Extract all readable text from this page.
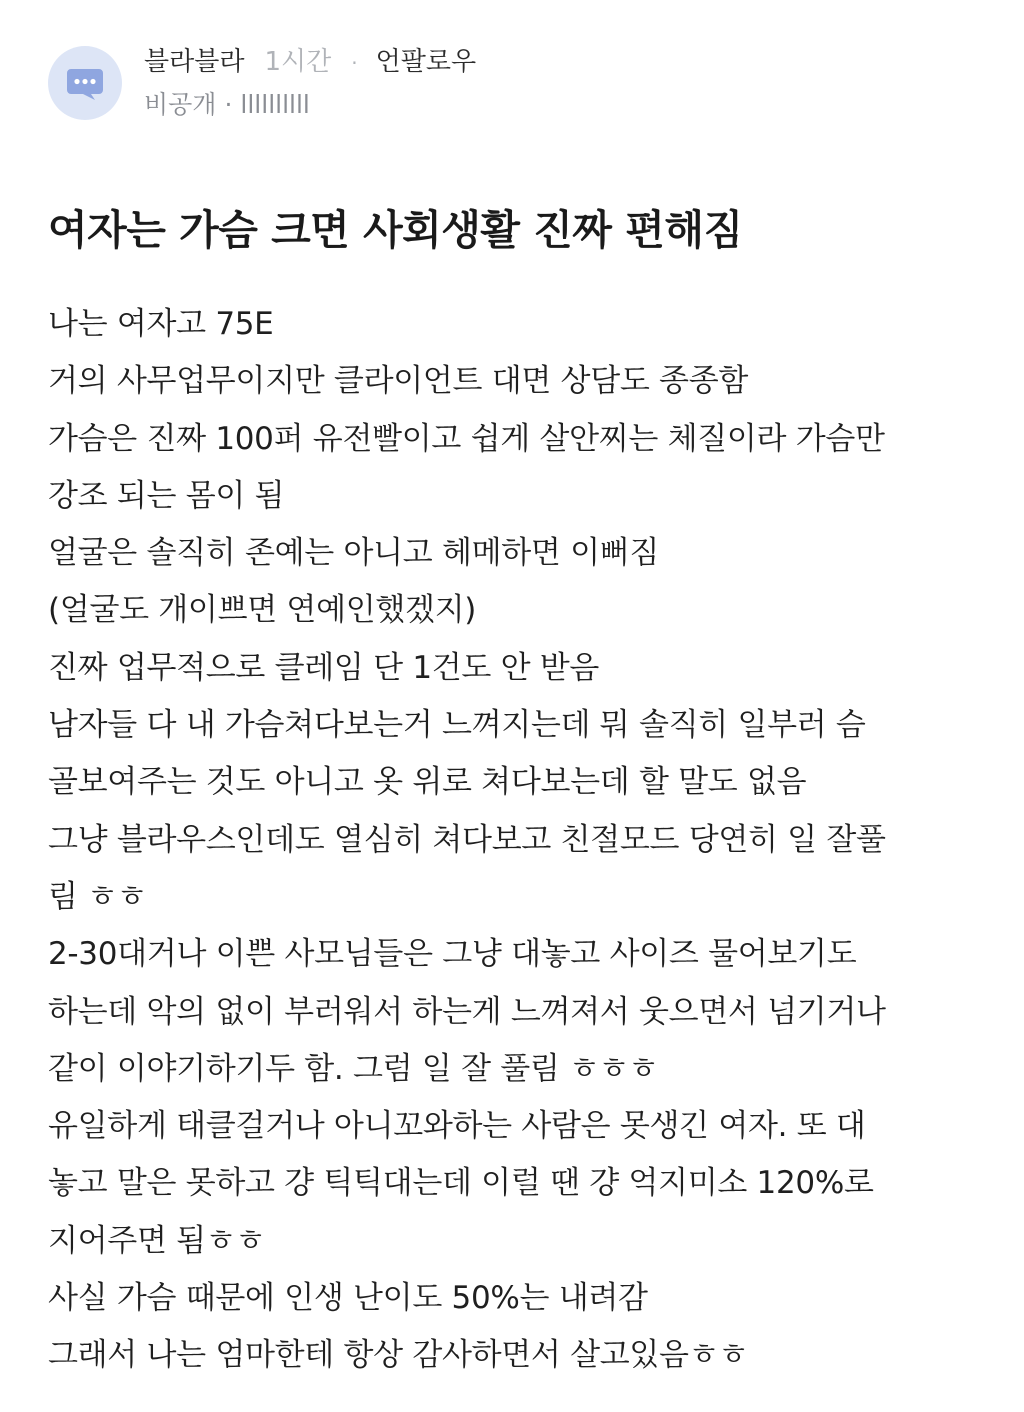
블라블라 1시간 · 언팔로우
비공개 · llllllllll
여자는 가슴 크면 사회생활 진짜 편해짐
나는 여자고 75E
거의 사무업무이지만 클라이언트 대면 상담도 종종함
가슴은 진짜 100퍼 유전빨이고 쉽게 살안찌는 체질이라 가슴만
강조 되는 몸이 됨
얼굴은 솔직히 존예는 아니고 헤메하면 이뻐짐
(얼굴도 개이쁘면 연예인했겠지)
진짜 업무적으로 클레임 단 1건도 안 받음
남자들 다 내 가슴쳐다보는거 느껴지는데 뭐 솔직히 일부러 슴
골보여주는 것도 아니고 옷 위로 쳐다보는데 할 말도 없음
그냥 블라우스인데도 열심히 쳐다보고 친절모드 당연히 일 잘풀
림 ㅎㅎ
2-30대거나 이쁜 사모님들은 그냥 대놓고 사이즈 물어보기도
하는데 악의 없이 부러워서 하는게 느껴져서 웃으면서 넘기거나
같이 이야기하기두 함. 그럼 일 잘 풀림 ㅎㅎㅎ
유일하게 태클걸거나 아니꼬와하는 사람은 못생긴 여자. 또 대
놓고 말은 못하고 걍 틱틱대는데 이럴 땐 걍 억지미소 120%로
지어주면 됨ㅎㅎ
사실 가슴 때문에 인생 난이도 50%는 내려감
그래서 나는 엄마한테 항상 감사하면서 살고있음ㅎㅎ
